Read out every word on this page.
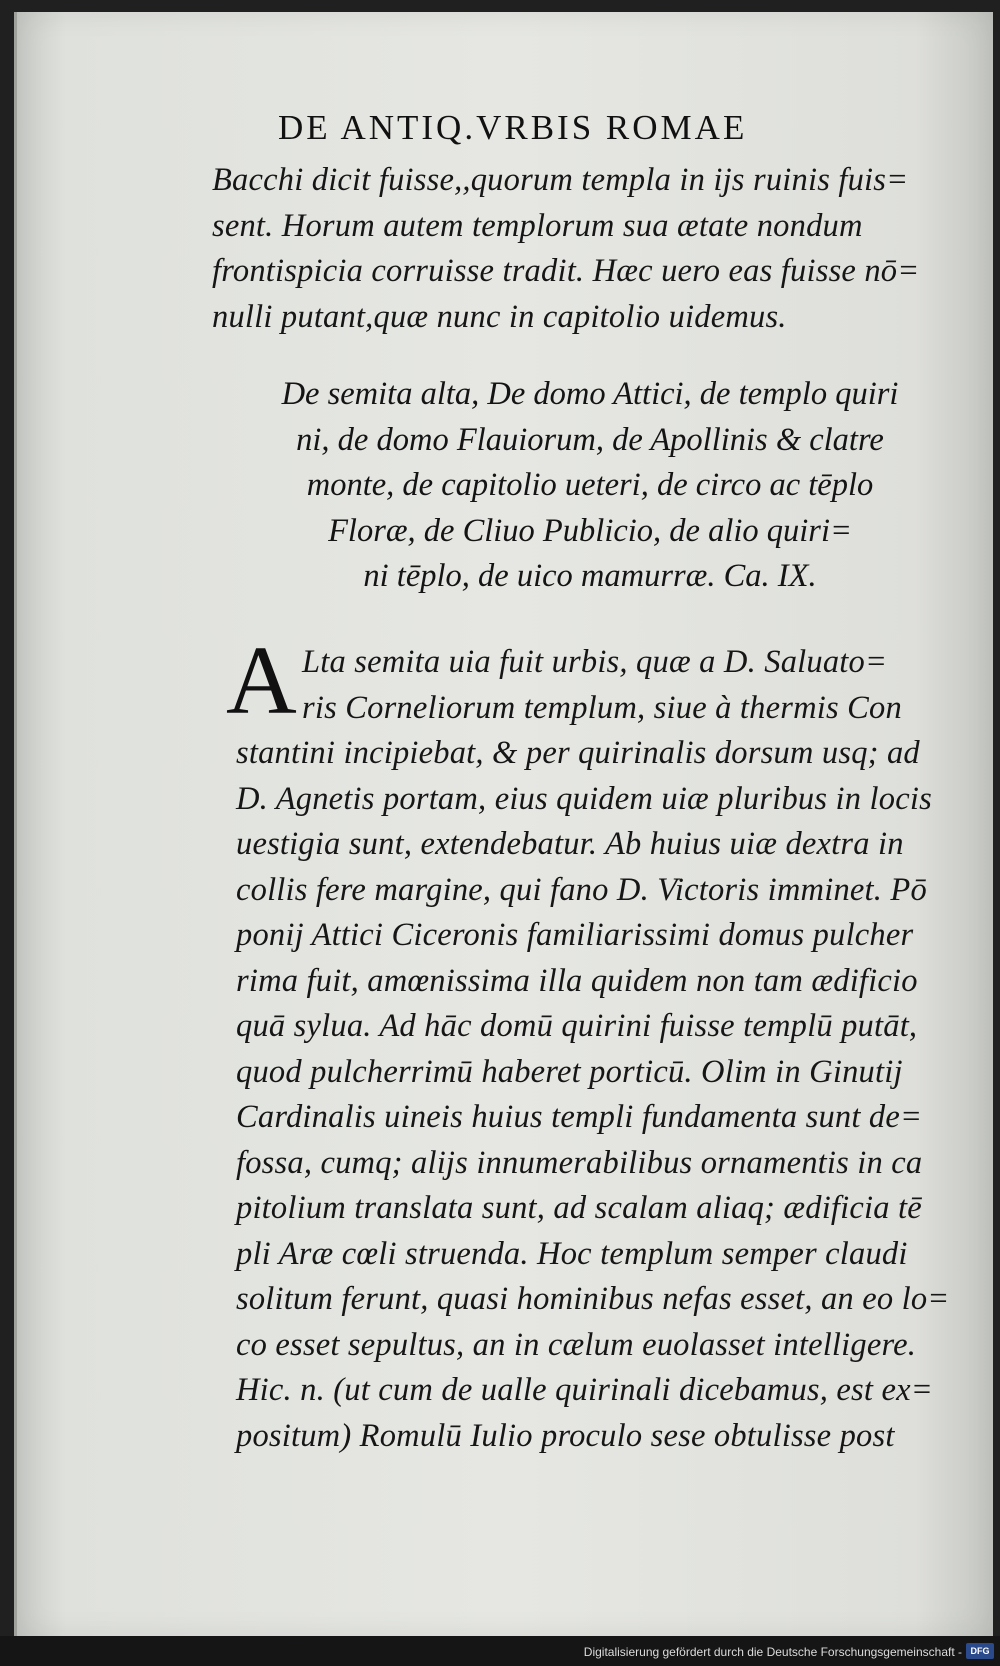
DE ANTIQ.VRBIS ROMAE
Bacchi dicit fuisse,,quorum templa in ijs ruinis fuis=
sent. Horum autem templorum sua ætate nondum
frontispicia corruisse tradit. Hæc uero eas fuisse nō=
nulli putant,quæ nunc in capitolio uidemus.
De semita alta, De domo Attici, de templo quiri
ni, de domo Flauiorum, de Apollinis & clatre
monte, de capitolio ueteri, de circo ac tēplo
Floræ, de Cliuo Publicio, de alio quiri=
ni tēplo, de uico mamurræ. Ca. IX.
A Lta semita uia fuit urbis, quæ a D. Saluato=
ris Corneliorum templum, siue à thermis Con
stantini incipiebat, & per quirinalis dorsum usq; ad
D. Agnetis portam, eius quidem uiæ pluribus in locis
uestigia sunt, extendebatur. Ab huius uiæ dextra in
collis fere margine, qui fano D. Victoris imminet. Pō
ponij Attici Ciceronis familiarissimi domus pulcher
rima fuit, amœnissima illa quidem non tam ædificio
quā sylua. Ad hāc domū quirini fuisse templū putāt,
quod pulcherrimū haberet porticū. Olim in Ginutij
Cardinalis uineis huius templi fundamenta sunt de=
fossa, cumq; alijs innumerabilibus ornamentis in ca
pitolium translata sunt, ad scalam aliaq; ædificia tē
pli Aræ cœli struenda. Hoc templum semper claudi
solitum ferunt, quasi hominibus nefas esset, an eo lo=
co esset sepultus, an in cælum euolasset intelligere.
Hic. n. (ut cum de ualle quirinali dicebamus, est ex=
positum) Romulū Iulio proculo sese obtulisse post
Digitalisierung gefördert durch die Deutsche Forschungsgemeinschaft - DFG
